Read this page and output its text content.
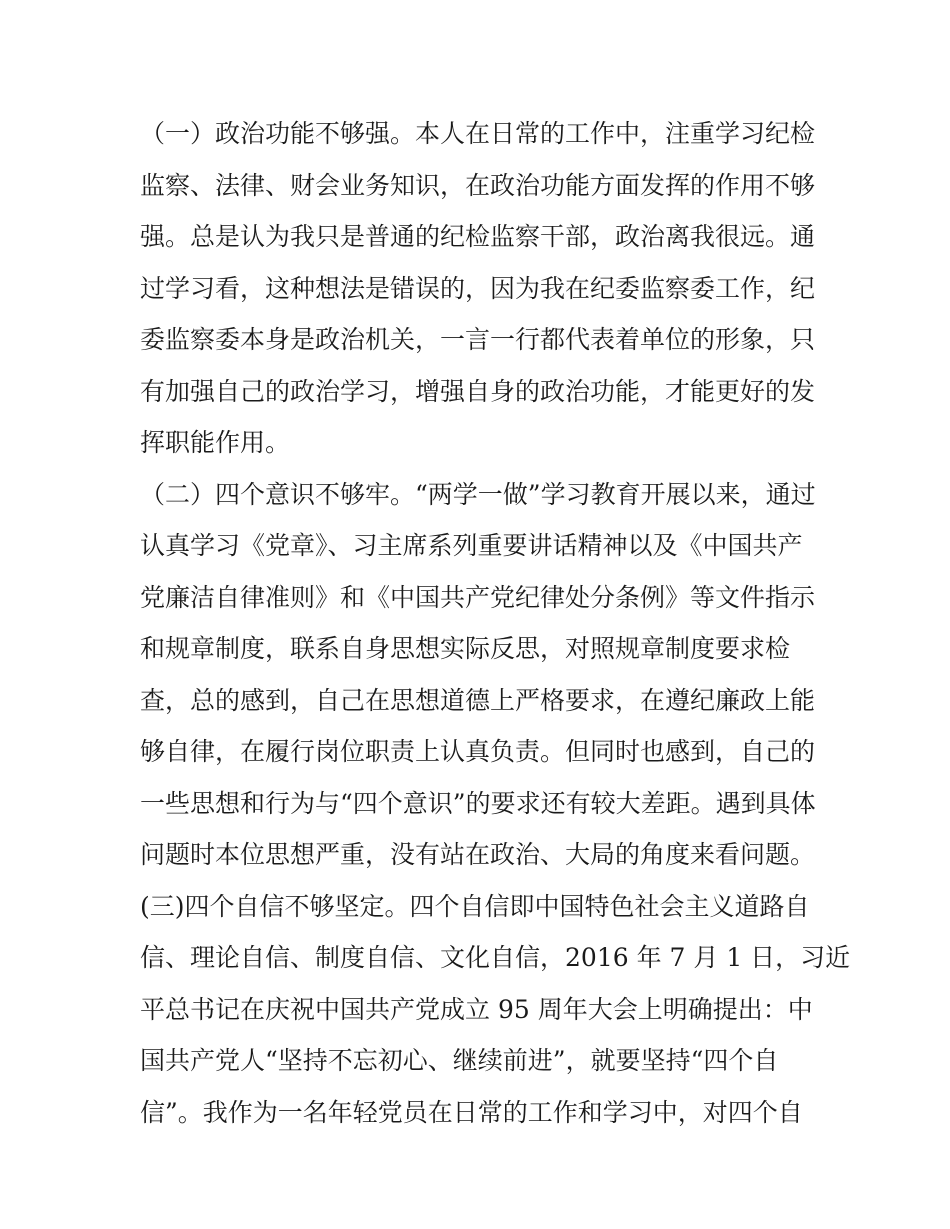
（一）政治功能不够强。本人在日常的工作中，注重学习纪检
监察、法律、财会业务知识，在政治功能方面发挥的作用不够
强。总是认为我只是普通的纪检监察干部，政治离我很远。通
过学习看，这种想法是错误的，因为我在纪委监察委工作，纪
委监察委本身是政治机关，一言一行都代表着单位的形象，只
有加强自己的政治学习，增强自身的政治功能，才能更好的发
挥职能作用。
（二）四个意识不够牢。“两学一做”学习教育开展以来，通过
认真学习《党章》、习主席系列重要讲话精神以及《中国共产
党廉洁自律准则》和《中国共产党纪律处分条例》等文件指示
和规章制度，联系自身思想实际反思，对照规章制度要求检
查，总的感到，自己在思想道德上严格要求，在遵纪廉政上能
够自律，在履行岗位职责上认真负责。但同时也感到，自己的
一些思想和行为与“四个意识”的要求还有较大差距。遇到具体
问题时本位思想严重，没有站在政治、大局的角度来看问题。
(三)四个自信不够坚定。四个自信即中国特色社会主义道路自
信、理论自信、制度自信、文化自信，2016 年 7 月 1 日，习近
平总书记在庆祝中国共产党成立 95 周年大会上明确提出：中
国共产党人“坚持不忘初心、继续前进”，就要坚持“四个自
信”。我作为一名年轻党员在日常的工作和学习中，对四个自
